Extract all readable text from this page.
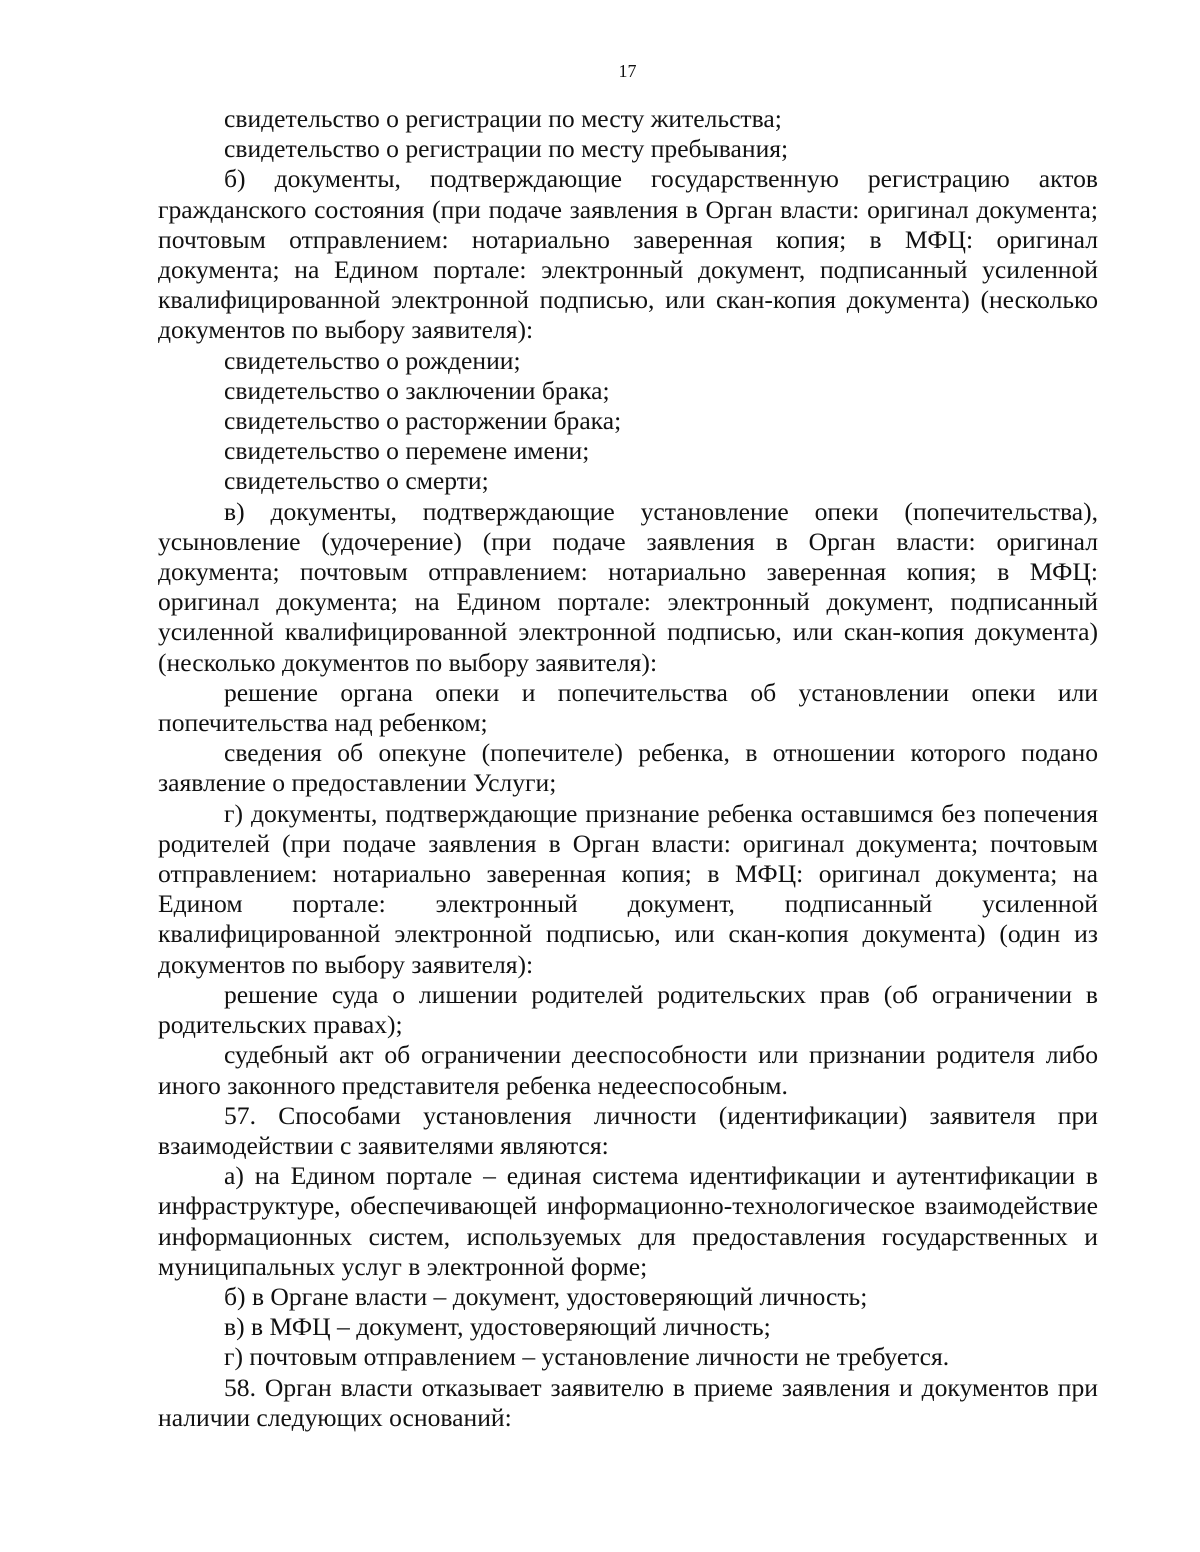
17

свидетельство о регистрации по месту жительства;

свидетельство о регистрации по месту пребывания;

б) документы, подтверждающие государственную регистрацию актов гражданского состояния (при подаче заявления в Орган власти: оригинал документа; почтовым отправлением: нотариально заверенная копия; в МФЦ: оригинал документа; на Едином портале: электронный документ, подписанный усиленной квалифицированной электронной подписью, или скан-копия документа) (несколько документов по выбору заявителя):

свидетельство о рождении;

свидетельство о заключении брака;

свидетельство о расторжении брака;

свидетельство о перемене имени;

свидетельство о смерти;

в) документы, подтверждающие установление опеки (попечительства), усыновление (удочерение) (при подаче заявления в Орган власти: оригинал документа; почтовым отправлением: нотариально заверенная копия; в МФЦ: оригинал документа; на Едином портале: электронный документ, подписанный усиленной квалифицированной электронной подписью, или скан-копия документа) (несколько документов по выбору заявителя):

решение органа опеки и попечительства об установлении опеки или попечительства над ребенком;

сведения об опекуне (попечителе) ребенка, в отношении которого подано заявление о предоставлении Услуги;

г) документы, подтверждающие признание ребенка оставшимся без попечения родителей (при подаче заявления в Орган власти: оригинал документа; почтовым отправлением: нотариально заверенная копия; в МФЦ: оригинал документа; на Едином портале: электронный документ, подписанный усиленной квалифицированной электронной подписью, или скан-копия документа) (один из документов по выбору заявителя):

решение суда о лишении родителей родительских прав (об ограничении в родительских правах);

судебный акт об ограничении дееспособности или признании родителя либо иного законного представителя ребенка недееспособным.

57. Способами установления личности (идентификации) заявителя при взаимодействии с заявителями являются:

а) на Едином портале – единая система идентификации и аутентификации в инфраструктуре, обеспечивающей информационно-технологическое взаимодействие информационных систем, используемых для предоставления государственных и муниципальных услуг в электронной форме;

б) в Органе власти – документ, удостоверяющий личность;

в) в МФЦ – документ, удостоверяющий личность;

г) почтовым отправлением – установление личности не требуется.

58. Орган власти отказывает заявителю в приеме заявления и документов при наличии следующих оснований:
